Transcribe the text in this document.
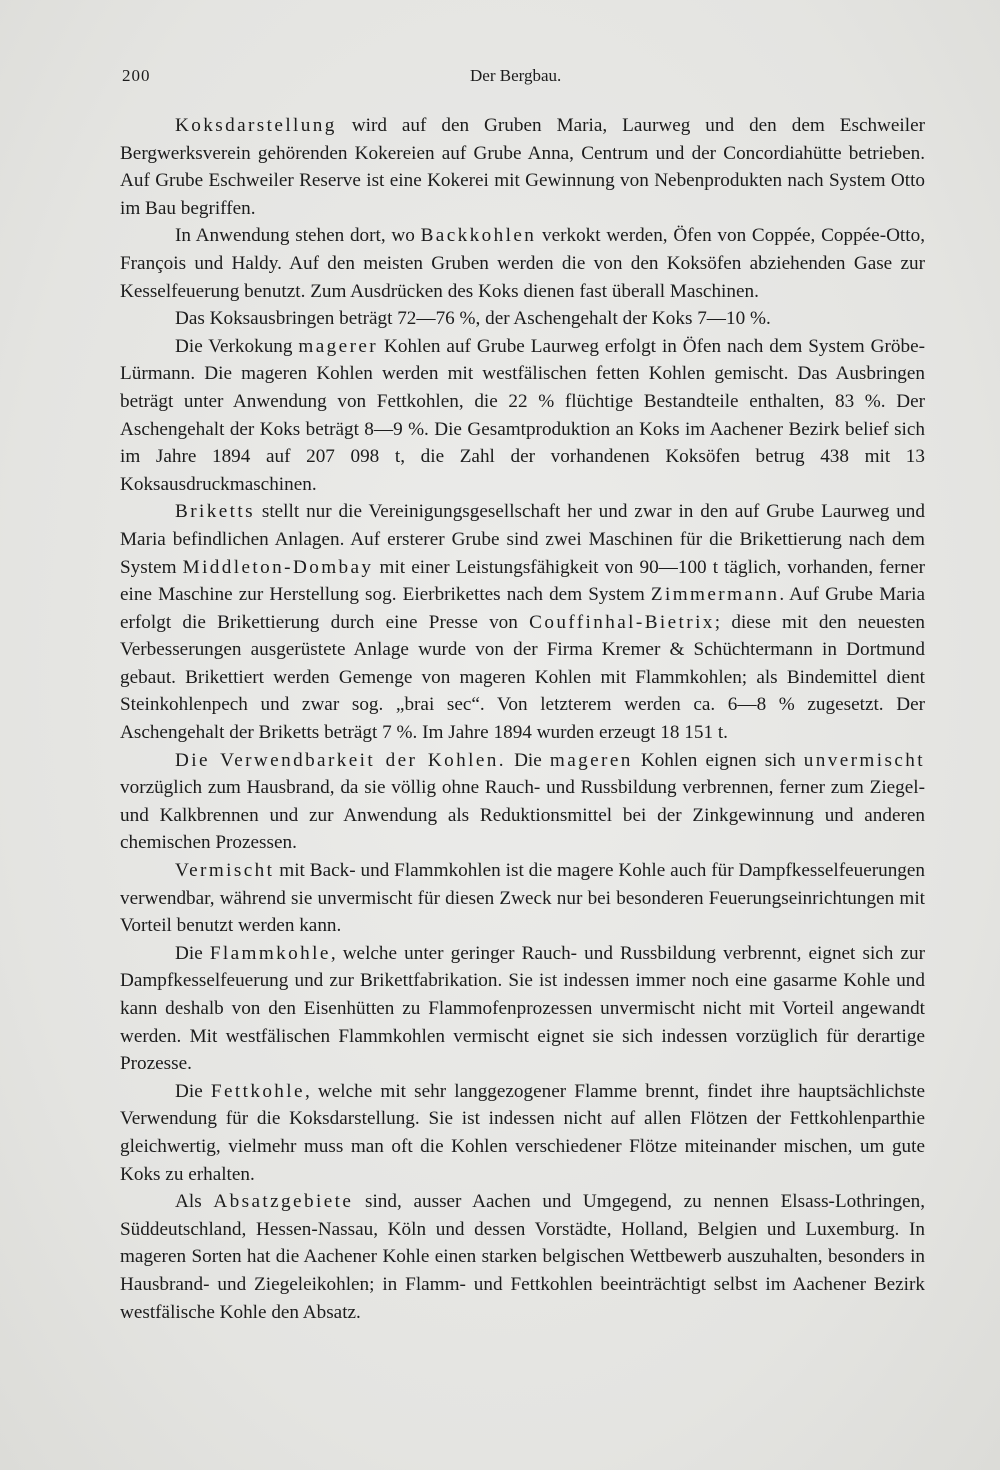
200	Der Bergbau.

Koksdarstellung wird auf den Gruben Maria, Laurweg und den dem Eschweiler Bergwerksverein gehörenden Kokereien auf Grube Anna, Centrum und der Concordiahütte betrieben. Auf Grube Eschweiler Reserve ist eine Kokerei mit Gewinnung von Nebenprodukten nach System Otto im Bau begriffen.

In Anwendung stehen dort, wo Backkohlen verkokt werden, Öfen von Coppée, Coppée-Otto, François und Haldy. Auf den meisten Gruben werden die von den Koksöfen abziehenden Gase zur Kesselfeuerung benutzt. Zum Ausdrücken des Koks dienen fast überall Maschinen.

Das Koksausbringen beträgt 72—76 %, der Aschengehalt der Koks 7—10 %.

Die Verkokung magerer Kohlen auf Grube Laurweg erfolgt in Öfen nach dem System Gröbe-Lürmann. Die mageren Kohlen werden mit westfälischen fetten Kohlen gemischt. Das Ausbringen beträgt unter Anwendung von Fettkohlen, die 22 % flüchtige Bestandteile enthalten, 83 %. Der Aschengehalt der Koks beträgt 8—9 %. Die Gesamtproduktion an Koks im Aachener Bezirk belief sich im Jahre 1894 auf 207 098 t, die Zahl der vorhandenen Koksöfen betrug 438 mit 13 Koksausdruckmaschinen.

Briketts stellt nur die Vereinigungsgesellschaft her und zwar in den auf Grube Laurweg und Maria befindlichen Anlagen. Auf ersterer Grube sind zwei Maschinen für die Brikettierung nach dem System Middleton-Dombay mit einer Leistungsfähigkeit von 90—100 t täglich, vorhanden, ferner eine Maschine zur Herstellung sog. Eierbrikettes nach dem System Zimmermann. Auf Grube Maria erfolgt die Brikettierung durch eine Presse von Couffinhal-Bietrix; diese mit den neuesten Verbesserungen ausgerüstete Anlage wurde von der Firma Kremer & Schüchtermann in Dortmund gebaut. Brikettiert werden Gemenge von mageren Kohlen mit Flammkohlen; als Bindemittel dient Steinkohlenpech und zwar sog. „brai sec“. Von letzterem werden ca. 6—8 % zugesetzt. Der Aschengehalt der Briketts beträgt 7 %. Im Jahre 1894 wurden erzeugt 18 151 t.

Die Verwendbarkeit der Kohlen. Die mageren Kohlen eignen sich unvermischt vorzüglich zum Hausbrand, da sie völlig ohne Rauch- und Russbildung verbrennen, ferner zum Ziegel- und Kalkbrennen und zur Anwendung als Reduktionsmittel bei der Zinkgewinnung und anderen chemischen Prozessen.

Vermischt mit Back- und Flammkohlen ist die magere Kohle auch für Dampfkesselfeuerungen verwendbar, während sie unvermischt für diesen Zweck nur bei besonderen Feuerungseinrichtungen mit Vorteil benutzt werden kann.

Die Flammkohle, welche unter geringer Rauch- und Russbildung verbrennt, eignet sich zur Dampfkesselfeuerung und zur Brikettfabrikation. Sie ist indessen immer noch eine gasarme Kohle und kann deshalb von den Eisenhütten zu Flammofenprozessen unvermischt nicht mit Vorteil angewandt werden. Mit westfälischen Flammkohlen vermischt eignet sie sich indessen vorzüglich für derartige Prozesse.

Die Fettkohle, welche mit sehr langgezogener Flamme brennt, findet ihre hauptsächlichste Verwendung für die Koksdarstellung. Sie ist indessen nicht auf allen Flötzen der Fettkohlenparthie gleichwertig, vielmehr muss man oft die Kohlen verschiedener Flötze miteinander mischen, um gute Koks zu erhalten.

Als Absatzgebiete sind, ausser Aachen und Umgegend, zu nennen Elsass-Lothringen, Süddeutschland, Hessen-Nassau, Köln und dessen Vorstädte, Holland, Belgien und Luxemburg. In mageren Sorten hat die Aachener Kohle einen starken belgischen Wettbewerb auszuhalten, besonders in Hausbrand- und Ziegeleikohlen; in Flamm- und Fettkohlen beeinträchtigt selbst im Aachener Bezirk westfälische Kohle den Absatz.
